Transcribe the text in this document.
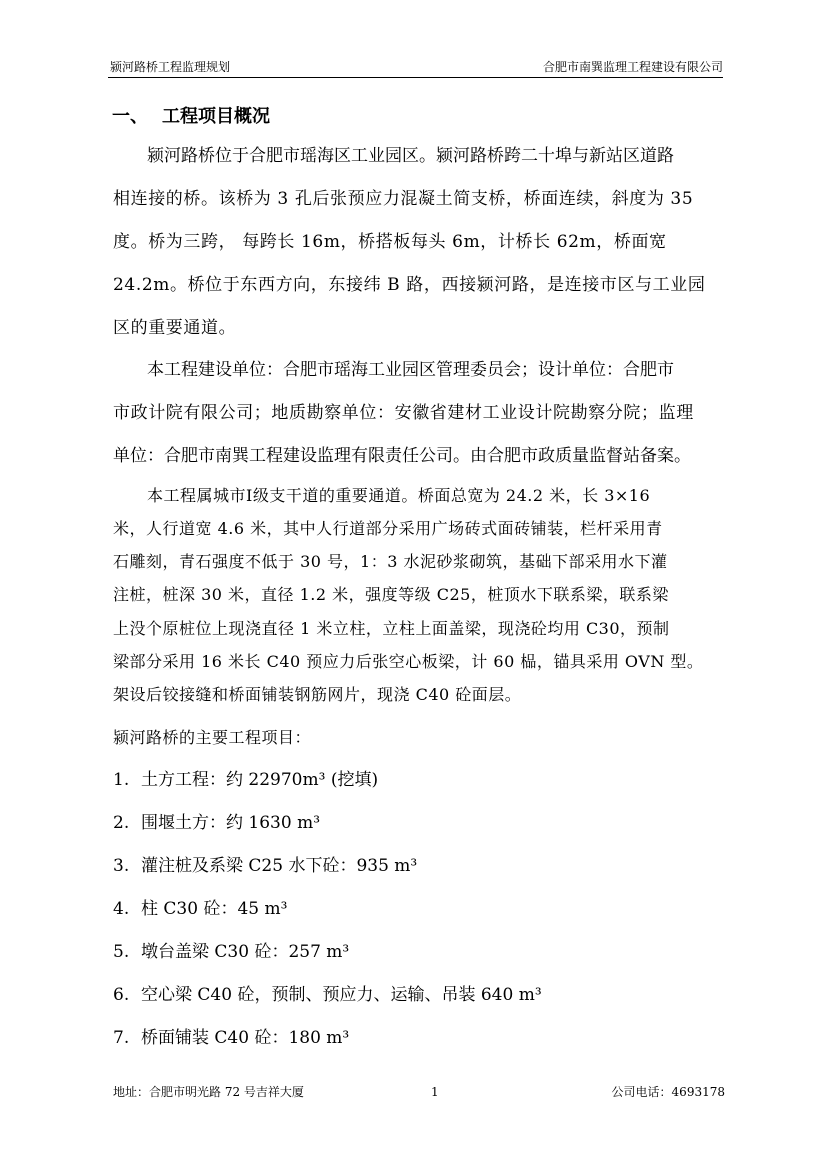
颍河路桥工程监理规划	合肥市南巽监理工程建设有限公司
一、 工程项目概况
颍河路桥位于合肥市瑶海区工业园区。颍河路桥跨二十埠与新站区道路
相连接的桥。该桥为 3 孔后张预应力混凝土简支桥，桥面连续，斜度为 35
度。桥为三跨， 每跨长 16m，桥搭板每头 6m，计桥长 62m，桥面宽
24.2m。桥位于东西方向，东接纬 B 路，西接颍河路，是连接市区与工业园
区的重要通道。
本工程建设单位：合肥市瑶海工业园区管理委员会；设计单位：合肥市
市政计院有限公司；地质勘察单位：安徽省建材工业设计院勘察分院；监理
单位：合肥市南巽工程建设监理有限责任公司。由合肥市政质量监督站备案。
本工程属城市Ⅰ级支干道的重要通道。桥面总宽为 24.2 米，长 3×16
米，人行道宽 4.6 米，其中人行道部分采用广场砖式面砖铺装，栏杆采用青
石雕刻，青石强度不低于 30 号，1：3 水泥砂浆砌筑，基础下部采用水下灌
注桩，桩深 30 米，直径 1.2 米，强度等级 C25，桩顶水下联系梁，联系梁
上没个原桩位上现浇直径 1 米立柱，立柱上面盖梁，现浇砼均用 C30，预制
梁部分采用 16 米长 C40 预应力后张空心板梁，计 60 榀，锚具采用 OVN 型。
架设后铰接缝和桥面铺装钢筋网片，现浇 C40 砼面层。
颍河路桥的主要工程项目：
1. 土方工程：约 22970m³ (挖填)
2. 围堰土方：约 1630 m³
3. 灌注桩及系梁 C25 水下砼：935 m³
4. 柱 C30 砼：45 m³
5. 墩台盖梁 C30 砼：257 m³
6. 空心梁 C40 砼，预制、预应力、运输、吊装 640 m³
7. 桥面铺装 C40 砼：180 m³
地址：合肥市明光路 72 号吉祥大厦	1	公司电话：4693178
